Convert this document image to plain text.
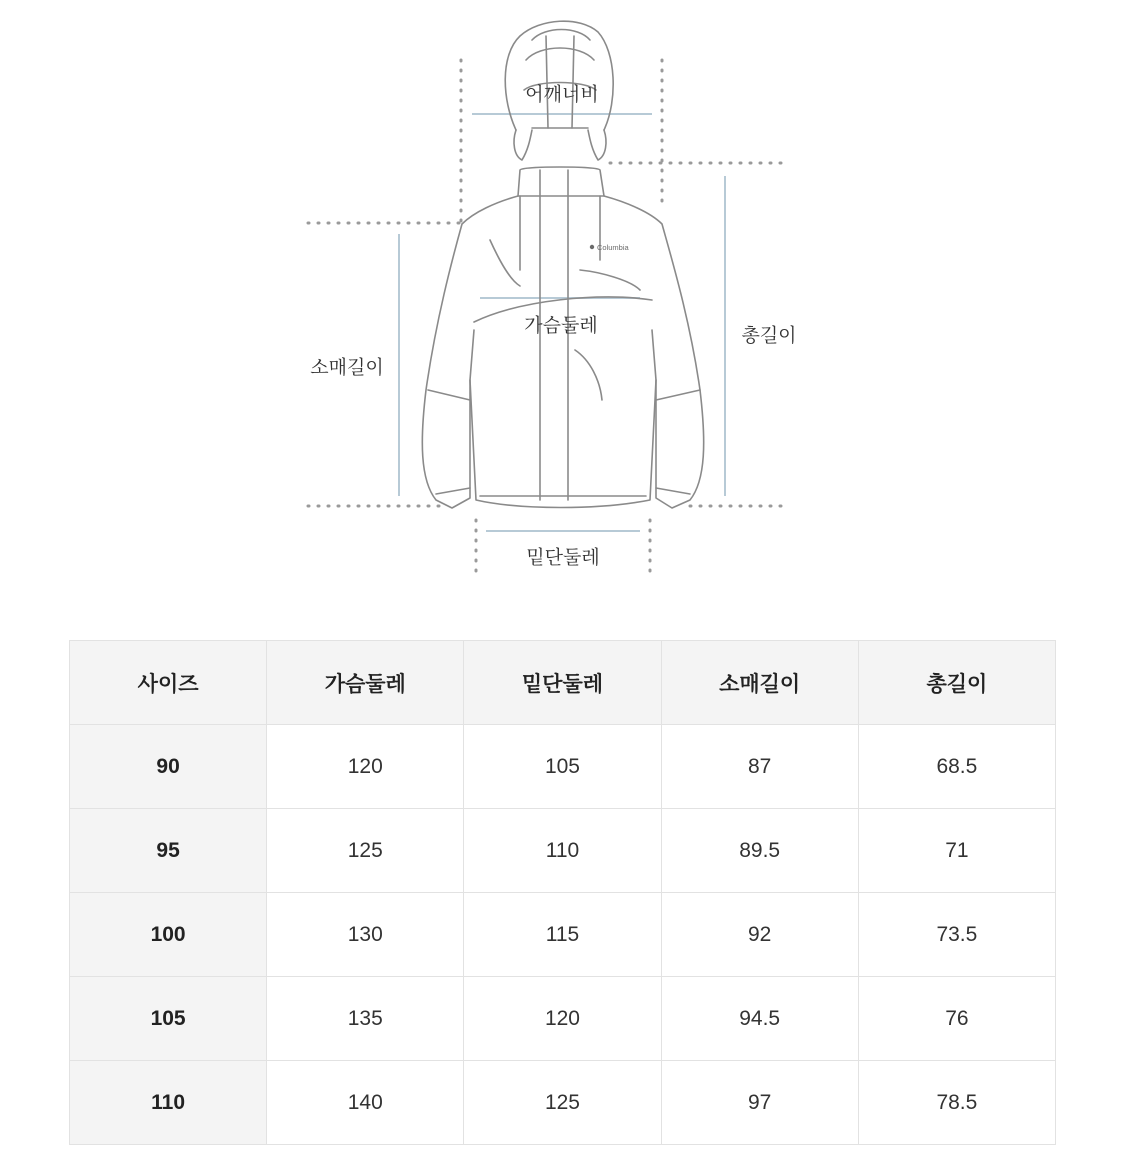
Columbia
어깨너비
가슴둘레
소매길이
총길이
밑단둘레
사이즈	가슴둘레	밑단둘레	소매길이	총길이
90	120	105	87	68.5
95	125	110	89.5	71
100	130	115	92	73.5
105	135	120	94.5	76
110	140	125	97	78.5
